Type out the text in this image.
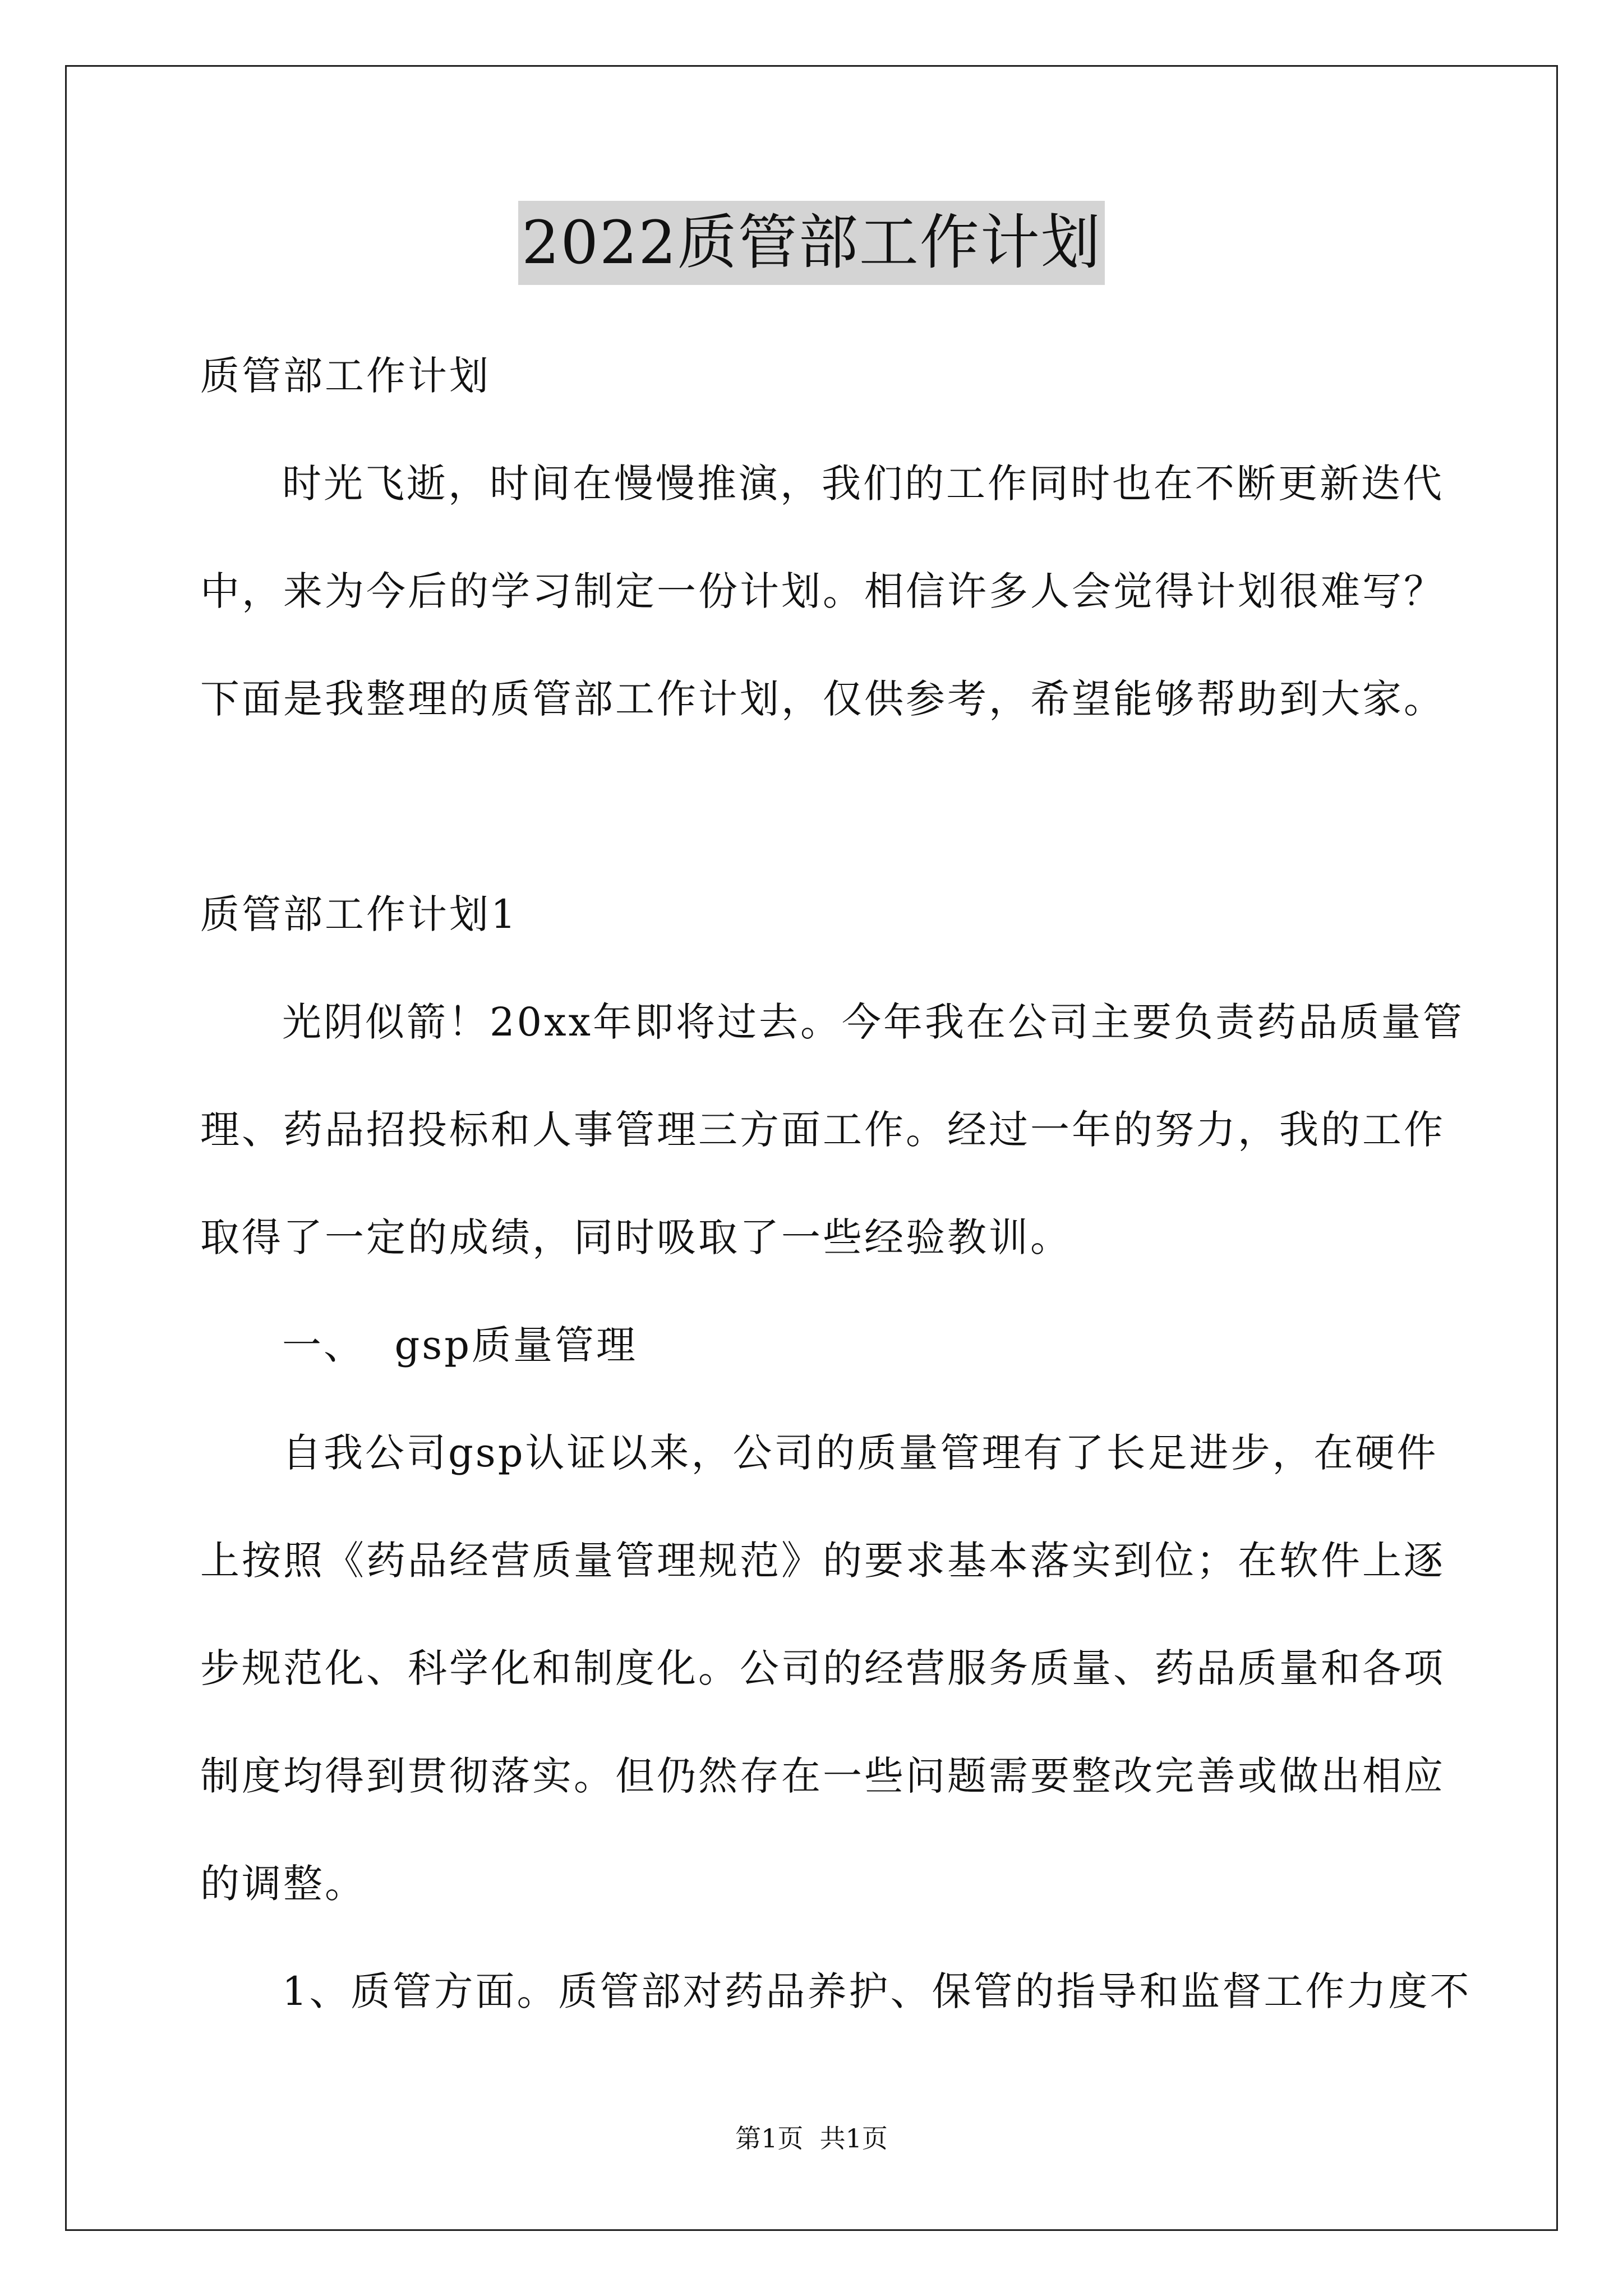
2022质管部工作计划
质管部工作计划
时光飞逝，时间在慢慢推演，我们的工作同时也在不断更新迭代
中，来为今后的学习制定一份计划。相信许多人会觉得计划很难写？
下面是我整理的质管部工作计划，仅供参考，希望能够帮助到大家。
质管部工作计划1
光阴似箭！20xx年即将过去。今年我在公司主要负责药品质量管
理、药品招投标和人事管理三方面工作。经过一年的努力，我的工作
取得了一定的成绩，同时吸取了一些经验教训。
一、  gsp质量管理
自我公司gsp认证以来，公司的质量管理有了长足进步，在硬件
上按照《药品经营质量管理规范》的要求基本落实到位；在软件上逐
步规范化、科学化和制度化。公司的经营服务质量、药品质量和各项
制度均得到贯彻落实。但仍然存在一些问题需要整改完善或做出相应
的调整。
1、质管方面。质管部对药品养护、保管的指导和监督工作力度不
第1页  共1页
